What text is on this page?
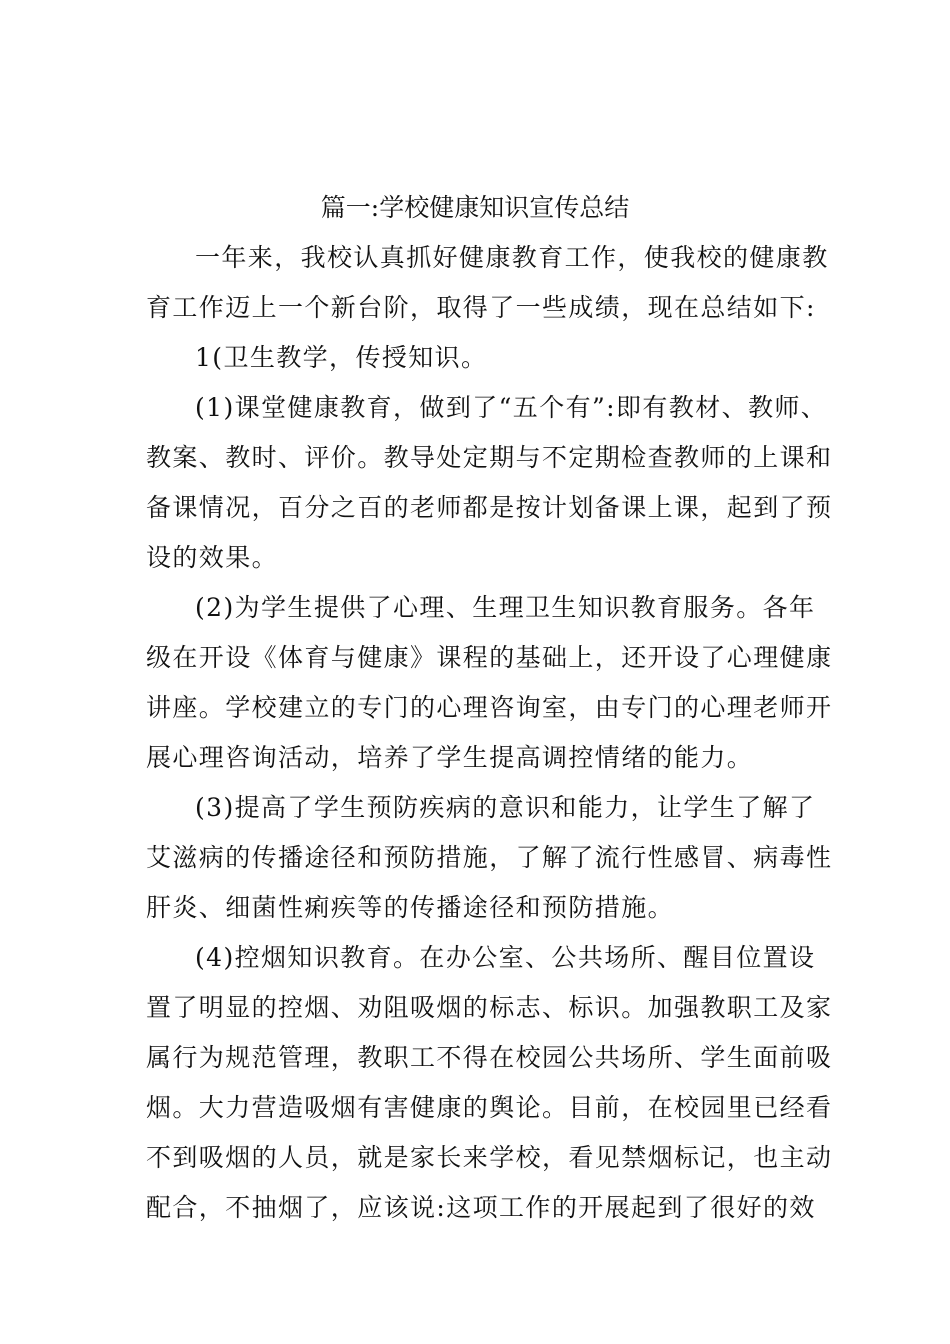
篇一:学校健康知识宣传总结
一年来，我校认真抓好健康教育工作，使我校的健康教
育工作迈上一个新台阶，取得了一些成绩，现在总结如下:
1(卫生教学，传授知识。
(1)课堂健康教育，做到了“五个有”:即有教材、教师、
教案、教时、评价。教导处定期与不定期检查教师的上课和
备课情况，百分之百的老师都是按计划备课上课，起到了预
设的效果。
(2)为学生提供了心理、生理卫生知识教育服务。各年
级在开设《体育与健康》课程的基础上，还开设了心理健康
讲座。学校建立的专门的心理咨询室，由专门的心理老师开
展心理咨询活动，培养了学生提高调控情绪的能力。
(3)提高了学生预防疾病的意识和能力，让学生了解了
艾滋病的传播途径和预防措施，了解了流行性感冒、病毒性
肝炎、细菌性痢疾等的传播途径和预防措施。
(4)控烟知识教育。在办公室、公共场所、醒目位置设
置了明显的控烟、劝阻吸烟的标志、标识。加强教职工及家
属行为规范管理，教职工不得在校园公共场所、学生面前吸
烟。大力营造吸烟有害健康的舆论。目前，在校园里已经看
不到吸烟的人员，就是家长来学校，看见禁烟标记，也主动
配合，不抽烟了，应该说:这项工作的开展起到了很好的效
